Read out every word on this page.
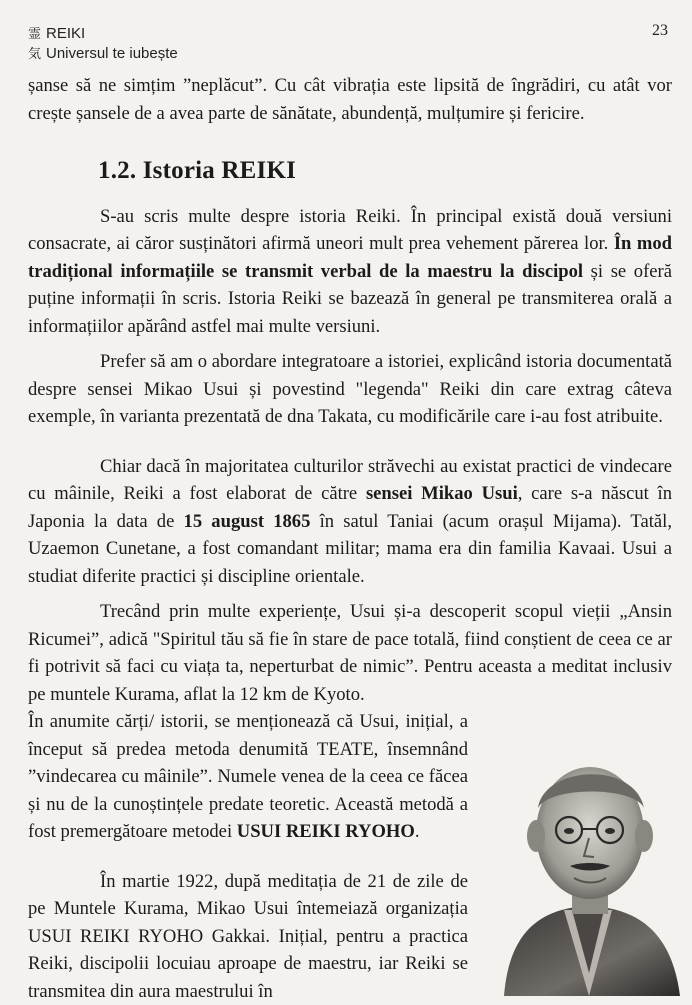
霊 REIKI
気 Universul te iubește
23

șanse să ne simțim ”neplăcut”. Cu cât vibrația este lipsită de îngrădiri, cu atât vor crește șansele de a avea parte de sănătate, abundență, mulțumire și fericire.

1.2. Istoria REIKI

S-au scris multe despre istoria Reiki. În principal există două versiuni consacrate, ai căror susținători afirmă uneori mult prea vehement părerea lor. În mod tradițional informațiile se transmit verbal de la maestru la discipol și se oferă puține informații în scris. Istoria Reiki se bazează în general pe transmiterea orală a informațiilor apărând astfel mai multe versiuni.

Prefer să am o abordare integratoare a istoriei, explicând istoria documentată despre sensei Mikao Usui și povestind "legenda" Reiki din care extrag câteva exemple, în varianta prezentată de dna Takata, cu modificările care i-au fost atribuite.

Chiar dacă în majoritatea culturilor străvechi au existat practici de vindecare cu mâinile, Reiki a fost elaborat de către sensei Mikao Usui, care s-a născut în Japonia la data de 15 august 1865 în satul Taniai (acum orașul Mijama). Tatăl, Uzaemon Cunetane, a fost comandant militar; mama era din familia Kavaai. Usui a studiat diferite practici și discipline orientale.

Trecând prin multe experiențe, Usui și-a descoperit scopul vieții „Ansin Ricumei”, adică "Spiritul tău să fie în stare de pace totală, fiind conștient de ceea ce ar fi potrivit să faci cu viața ta, neperturbat de nimic”. Pentru aceasta a meditat inclusiv pe muntele Kurama, aflat la 12 km de Kyoto.

În anumite cărți/ istorii, se menționează că Usui, inițial, a început să predea metoda denumită TEATE, însemnând ”vindecarea cu mâinile”. Numele venea de la ceea ce făcea și nu de la cunoștințele predate teoretic. Această metodă a fost premergătoare metodei USUI REIKI RYOHO.

În martie 1922, după meditația de 21 de zile de pe Muntele Kurama, Mikao Usui întemeiază organizația USUI REIKI RYOHO Gakkai. Inițial, pentru a practica Reiki, discipolii locuiau aproape de maestru, iar Reiki se transmitea din aura maestrului în
